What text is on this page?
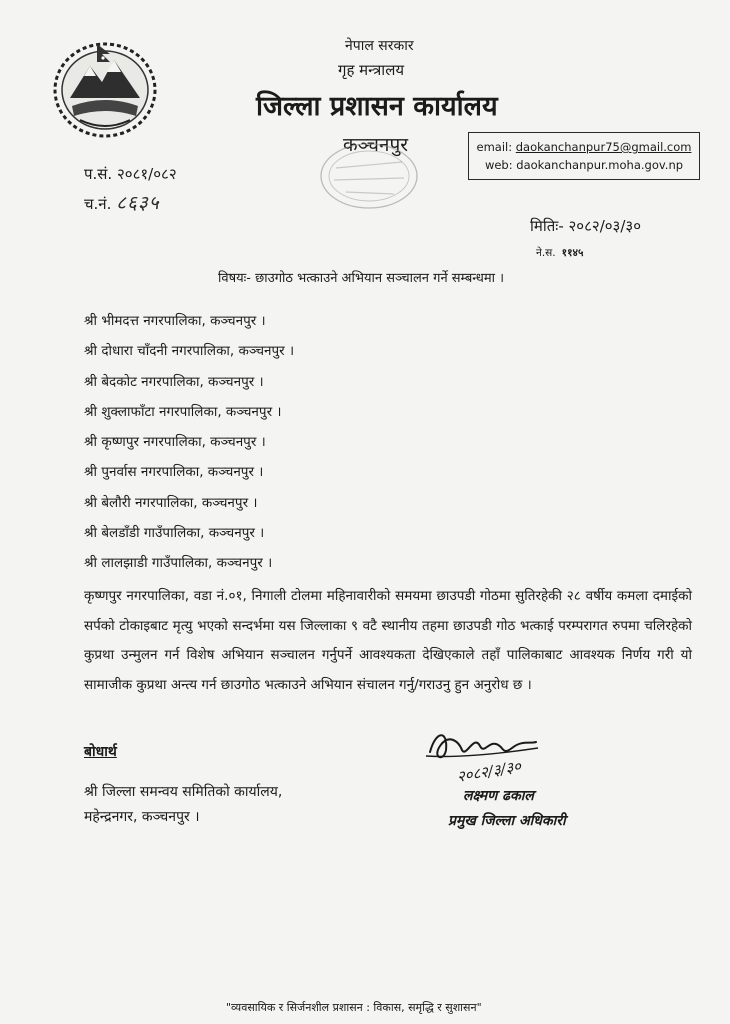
नेपाल सरकार
गृह मन्त्रालय
जिल्ला प्रशासन कार्यालय
कञ्चनपुर	email: daokanchanpur75@gmail.com
web: daokanchanpur.moha.gov.np
प.सं. २०८१/०८२
च.नं. ८६३५
मितिः- २०८२/०३/३०
ने.स. ११४५
विषयः- छाउगोठ भत्काउने अभियान सञ्चालन गर्ने सम्बन्धमा ।
श्री भीमदत्त नगरपालिका, कञ्चनपुर ।
श्री दोधारा चाँदनी नगरपालिका, कञ्चनपुर ।
श्री बेदकोट नगरपालिका, कञ्चनपुर ।
श्री शुक्लाफाँटा नगरपालिका, कञ्चनपुर ।
श्री कृष्णपुर नगरपालिका, कञ्चनपुर ।
श्री पुनर्वास नगरपालिका, कञ्चनपुर ।
श्री बेलौरी नगरपालिका, कञ्चनपुर ।
श्री बेलडाँडी गाउँपालिका, कञ्चनपुर ।
श्री लालझाडी गाउँपालिका, कञ्चनपुर ।
कृष्णपुर नगरपालिका, वडा नं.०१, निगाली टोलमा महिनावारीको समयमा छाउपडी गोठमा सुतिरहेकी २८ वर्षीय कमला दमाईको सर्पको टोकाइबाट मृत्यु भएको सन्दर्भमा यस जिल्लाका ९ वटै स्थानीय तहमा छाउपडी गोठ भत्काई परम्परागत रुपमा चलिरहेको कुप्रथा उन्मुलन गर्न विशेष अभियान सञ्चालन गर्नुपर्ने आवश्यकता देखिएकाले तहाँ पालिकाबाट आवश्यक निर्णय गरी यो सामाजीक कुप्रथा अन्त्य गर्न छाउगोठ भत्काउने अभियान संचालन गर्नु/गराउनु हुन अनुरोध छ ।
बोधार्थ
श्री जिल्ला समन्वय समितिको कार्यालय,
महेन्द्रनगर, कञ्चनपुर ।
२०८२/३/३०
लक्ष्मण ढकाल
प्रमुख जिल्ला अधिकारी
"व्यवसायिक र सिर्जनशील प्रशासन : विकास, समृद्धि र सुशासन"
